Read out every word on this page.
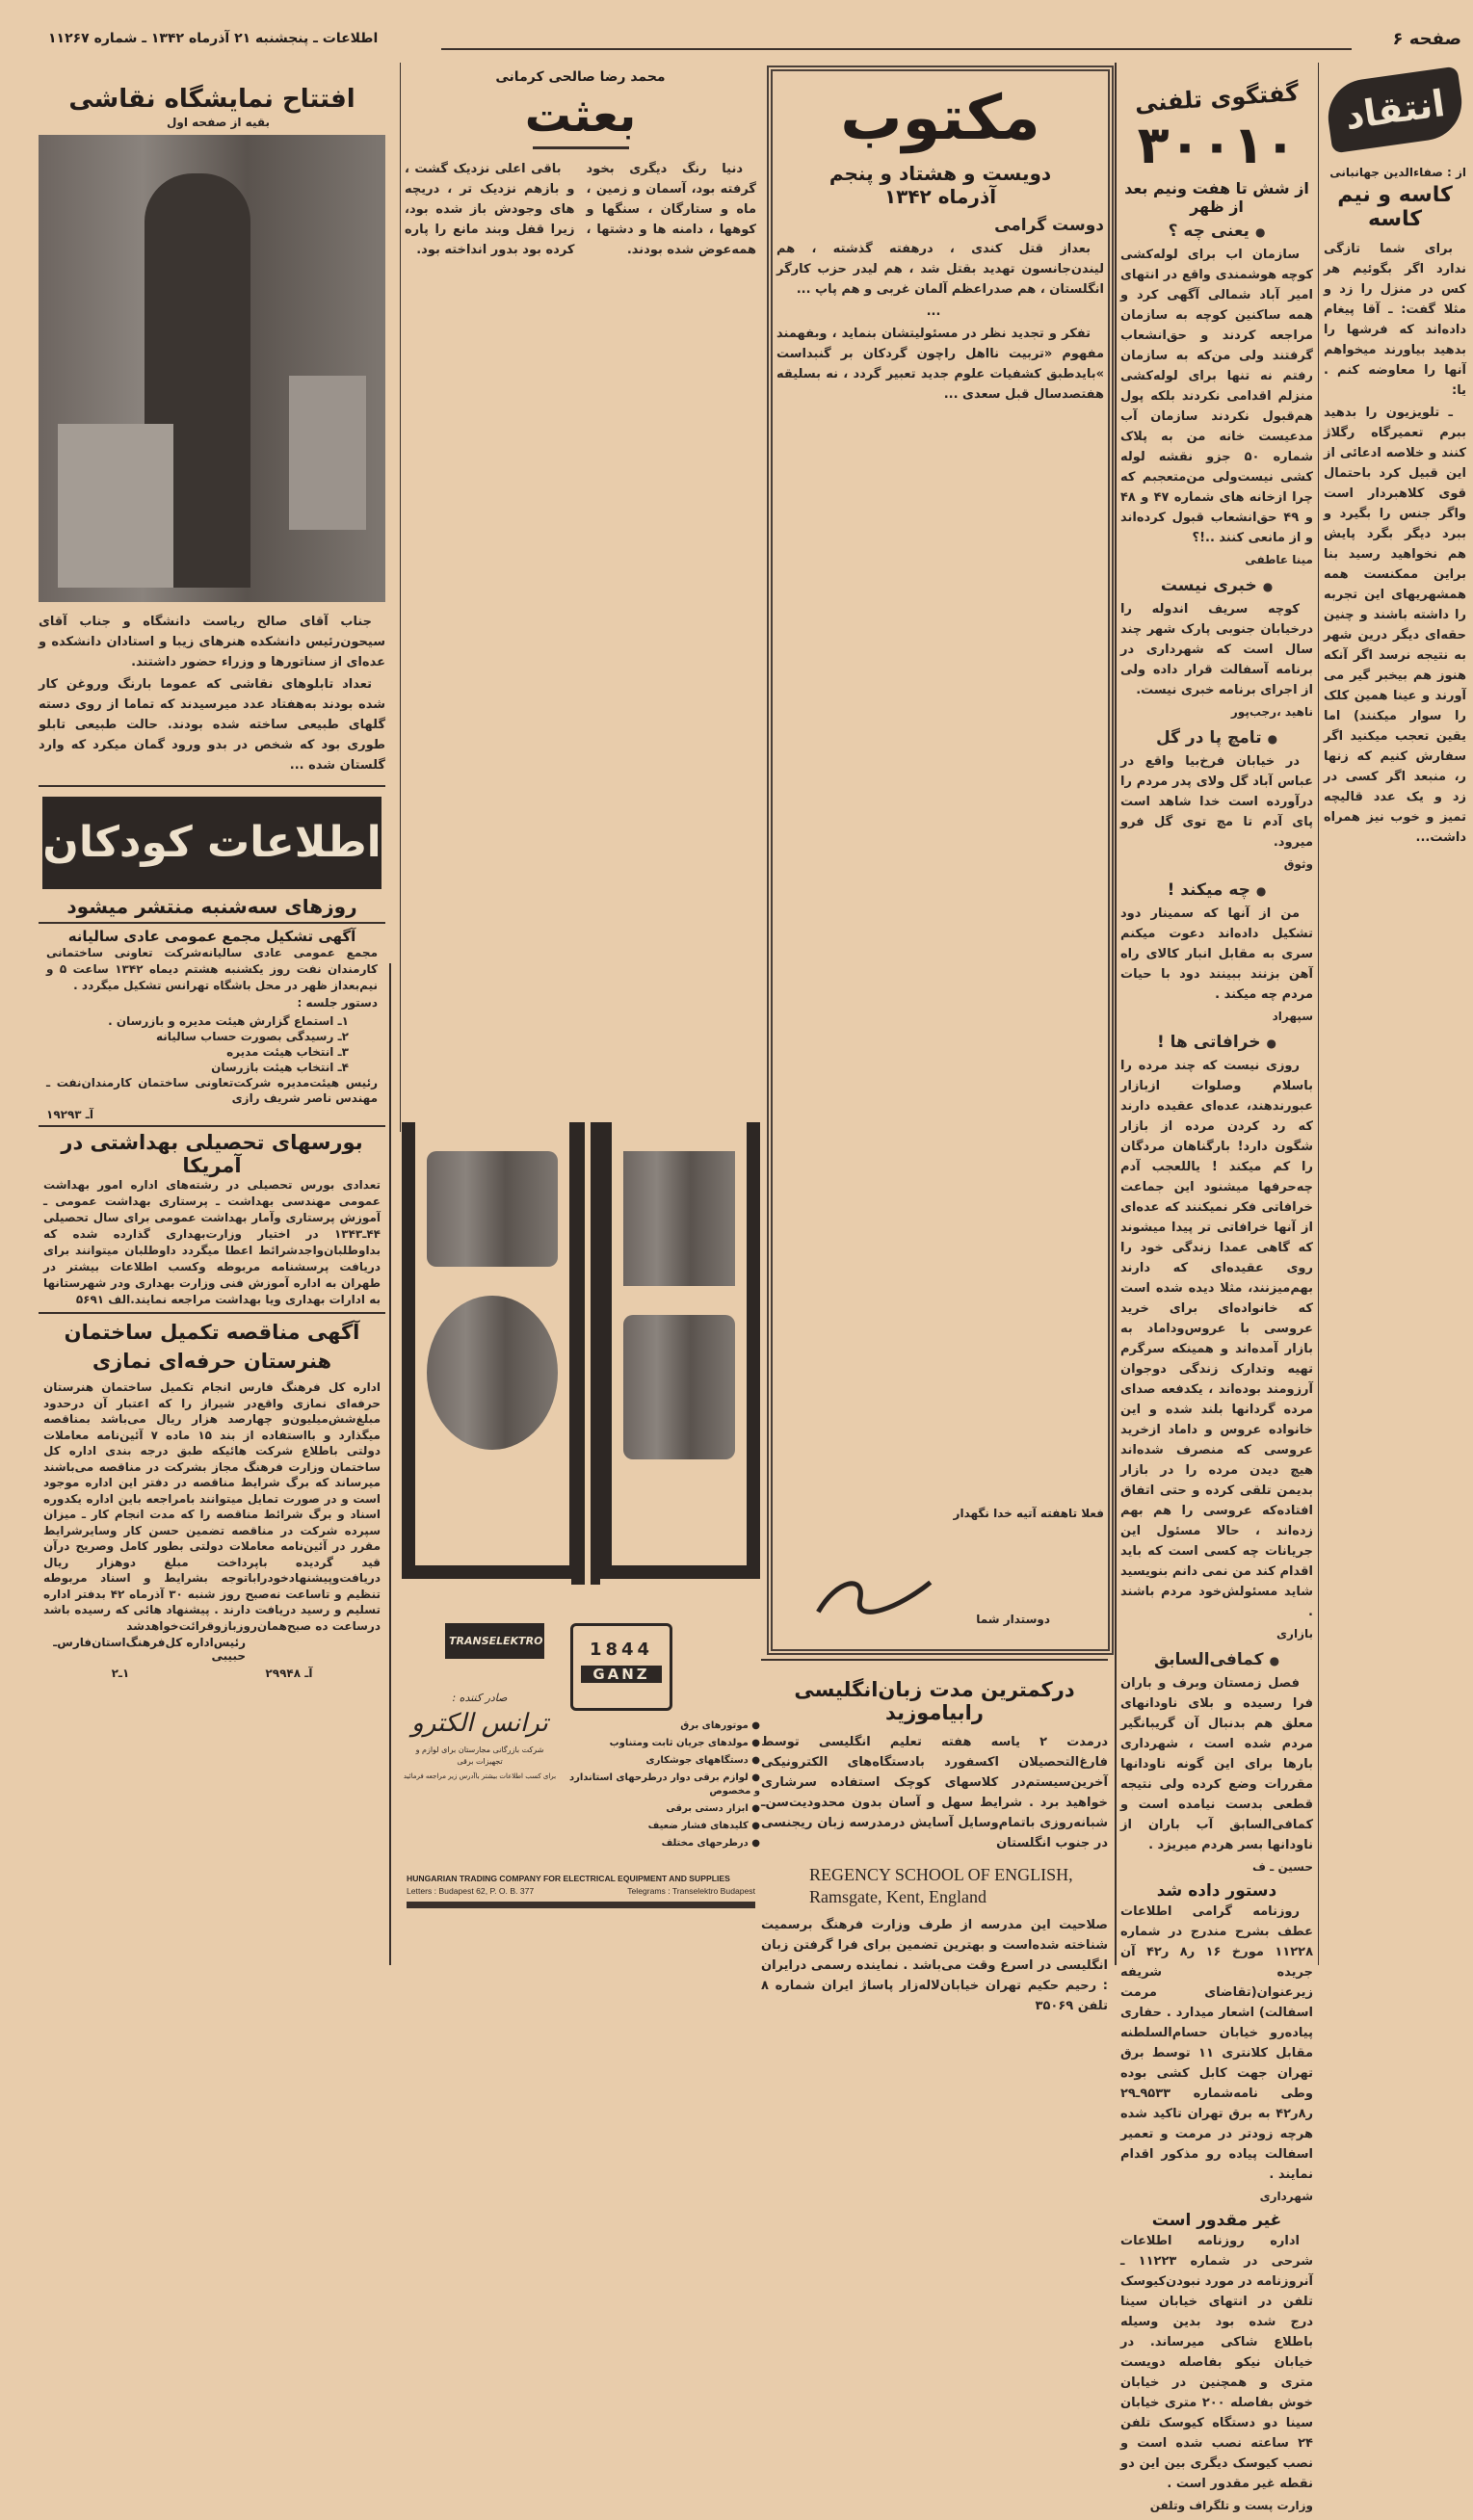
صفحه ۶
اطلاعات ـ پنجشنبه ۲۱ آذرماه ۱۳۴۲ ـ شماره ۱۱۲۶۷
انتقاد
از : صفاءالدین جهانبانی
کاسه و نیم کاسه

برای شما تازگی ندارد اگر بگوئیم هر کس در منزل را زد و مثلا گفت: ـ آقا پیغام داده‌اند که فرشها را بدهید بیاورند میخواهم آنها را معاوضه کنم . یا:

ـ تلویزیون را بدهید ببرم تعمیرگاه رگلاژ کنند و خلاصه ادعائی از این قبیل کرد باحتمال قوی کلاهبردار است واگر جنس را بگیرد و ببرد دیگر بگرد پایش هم نخواهید رسید بنا براین ممکنست همه همشهریهای این تجربه را داشته باشند و چنین حقه‌ای دیگر درین شهر به نتیجه نرسد اگر آنکه هنوز هم بیخبر گیر می آورند و عینا همین کلک را سوار میکنند) اما یقین تعجب میکنید اگر سفارش کنیم که زنها ر، منبعد اگر کسی در زد و یک عدد قالیچه تمیز و خوب نیز همراه داشت...

گفتگوی تلفنی
۳۰۰۱۰
از شش تا هفت ونیم بعد از ظهر
● یعنی چه ؟

سازمان اب برای لوله‌کشی کوچه هوشمندی واقع در انتهای امیر آباد شمالی آگهی کرد و همه ساکنین کوچه به سازمان مراجعه کردند و حق‌انشعاب گرفتند ولی من‌که به سازمان رفتم نه تنها برای لوله‌کشی منزلم اقدامی نکردند بلکه پول هم‌قبول نکردند سازمان آب مدعیست خانه من به پلاک شماره ۵۰ جزو نقشه لوله کشی نیست‌ولی من‌متعجبم که چرا ازخانه های شماره ۴۷ و ۴۸ و ۴۹ حق‌انشعاب قبول کرده‌اند و از مانعی کنند ..!؟

مینا عاطفی
● خبری نیست

کوچه سریف اندوله را درخیابان جنوبی پارک شهر چند سال است که شهرداری در برنامه آسفالت قرار داده ولی از اجرای برنامه خبری نیست.

ناهید ،رجب‌پور
● تامچ پا در گل

در خیابان فرخ‌بیا واقع در عباس آباد گل ولای پدر مردم را درآورده است خدا شاهد است پای آدم تا مچ توی گل فرو میرود.

وثوق
● چه میکند !

من از آنها که سمینار دود تشکیل داده‌اند دعوت میکنم سری به مقابل انبار کالای راه آهن بزنند ببینند دود با حیات مردم چه میکند .

سپهراد
● خرافاتی ها !

روزی نیست که چند مرده را باسلام وصلوات ازبازار عبورندهند، عده‌ای عقیده دارند که رد کردن مرده از بازار شگون دارد! بارگناهان مردگان را کم میکند ! یاللعجب آدم چه‌حرفها میشنود این جماعت خرافاتی فکر نمیکنند که عده‌ای از آنها خرافاتی تر پیدا میشوند که گاهی عمدا زندگی خود را روی عقیده‌ای که دارند بهم‌میزنند، مثلا دیده شده است که خانواده‌ای برای خرید عروسی با عروس‌وداماد به بازار آمده‌اند و همینکه سرگرم تهیه وتدارک زندگی دوجوان آرزومند بوده‌اند ، یکدفعه صدای مرده گردانها بلند شده و این خانواده عروس و داماد ازخرید عروسی که منصرف شده‌اند هیچ دیدن مرده را در بازار بدیمن تلقی کرده و حتی اتفاق افتاده‌که عروسی را هم بهم زده‌اند ، حالا مسئول این جریانات چه کسی است که باید اقدام کند من نمی دانم بنویسید شاید مسئولش‌خود مردم باشند .

بازاری
● کمافی‌السابق

فصل زمستان وبرف و باران فرا رسیده و بلای ناودانهای معلق هم بدنبال آن گریبانگیر مردم شده است ، شهرداری بارها برای این گونه ناودانها مقررات وضع کرده ولی نتیجه قطعی بدست نیامده است و کمافی‌السابق آب باران از ناودانها بسر هردم میریزد .

حسین ـ ف
دستور داده شد

روزنامه گرامی اطلاعات عطف بشرح مندرج در شماره ۱۱۲۲۸ مورخ ۱۶ ر۸ ر۴۲ آن جریده شریفه زیرعنوان(تقاضای مرمت اسفالت) اشعار میدارد . حفاری پیاده‌رو خیابان حسام‌السلطنه مقابل کلانتری ۱۱ توسط برق تهران جهت کابل کشی بوده وطی نامه‌شماره ۹۵۳۳ـ۲۹ ر۸ر۴۲ به برق تهران تاکید شده هرچه زودتر در مرمت و تعمیر اسفالت پیاده رو مذکور اقدام نمایند .

شهرداری
غیر مقدور است

اداره روزنامه اطلاعات شرحی در شماره ۱۱۲۲۳ ـ آنروزنامه در مورد نبودن‌کیوسک تلفن در انتهای خیابان سینا درج شده بود بدین وسیله باطلاع شاکی میرساند. در خیابان نیکو بفاصله دویست متری و همچنین در خیابان خوش بفاصله ۲۰۰ متری خیابان سینا دو دستگاه کیوسک تلفن ۲۴ ساعته نصب شده است و نصب کیوسک دیگری بین این دو نقطه غیر مقدور است .

وزارت پست و تلگراف وتلفن
مکتوب
دویست و هشتاد و پنجم
آذرماه ۱۳۴۲
دوست گرامی

بعداز قتل کندی ، درهفته گذشته ، هم لیندن‌جانسون تهدید بقتل شد ، هم لیدر حزب کارگر انگلستان ، هم صدراعظم آلمان غربی و هم پاپ ...

...

تفکر و تجدید نظر در مسئولیتشان بنماید ، وبفهمند مفهوم «تربیت نااهل راچون گردکان بر گنبداست »بایدطبق کشفیات علوم جدید تعبیر گردد ، نه بسلیقه هفتصدسال قبل سعدی ...

فعلا تاهفته آتیه خدا نگهدار
دوستدار شما
درکمترین مدت زبان‌انگلیسی رابیاموزید
درمدت ۲ یاسه هفته تعلیم انگلیسی توسط فارغ‌التحصیلان اکسفورد بادستگاه‌های الکترونیکی آخرین‌سیستم‌در کلاسهای کوچک استفاده سرشاری خواهید برد . شرایط سهل و آسان بدون محدودیت‌سن‌ـ شبانه‌روزی باتمام‌وسایل آسایش درمدرسه زبان ریجنسی در جنوب انگلستان
REGENCY SCHOOL OF ENGLISH,
Ramsgate, Kent, England
صلاحیت این مدرسه از طرف وزارت فرهنگ برسمیت شناخته شده‌است و بهترین تضمین برای فرا گرفتن زبان انگلیسی در اسرع وقت می‌باشد . نماینده رسمی درایران : رحیم حکیم تهران خیابان‌لاله‌زار پاساژ ایران شماره ۸ تلفن ۳۵۰۶۹
محمد رضا صالحی کرمانی
بعثت

دنیا رنگ دیگری بخود گرفته بود، آسمان و زمین ، ماه و ستارگان ، سنگها و کوهها ، دامنه ها و دشتها ، همه‌عوض شده بودند.

باقی اعلی نزدیک گشت ، و بازهم نزدیک تر ، دریچه های وجودش باز شده بود، زیرا قفل وبند مانع را پاره کرده بود بدور انداخته بود.

TRANSELEKTRO	1844
GANZ
صادر کننده :
ترانس الکترو
شرکت بازرگانی مجارستان برای لوازم و تجهیزات برقی
برای کسب اطلاعات بیشتر باآدرس زیر مراجعه فرمائید
● موتورهای برق
● مولدهای جریان ثابت ومتناوب
● دستگاههای جوشکاری
● لوازم برقی دوار درطرحهای استاندارد و مخصوص
● ابزار دستی برقی
● کلیدهای فشار ضعیف
● درطرحهای مختلف
HUNGARIAN TRADING COMPANY FOR ELECTRICAL EQUIPMENT AND SUPPLIES
Letters : Budapest 62, P. O. B. 377	Telegrams : Transelektro Budapest
افتتاح نمایشگاه نقاشی
بقیه از صفحه اول

جناب آقای صالح ریاست دانشگاه و جناب آقای سیحون‌رئیس دانشکده هنرهای زیبا و استادان دانشکده و عده‌ای از سناتورها و وزراء حضور داشتند.

تعداد تابلوهای نقاشی که عموما بارنگ وروغن کار شده بودند به‌هفتاد عدد میرسیدند که تماما از روی دسته گلهای طبیعی ساخته شده بودند. حالت طبیعی تابلو طوری بود که شخص در بدو ورود گمان میکرد که وارد گلستان شده ...

اطلاعات کودکان
روزهای سه‌شنبه منتشر میشود
آگهی تشکیل مجمع عمومی عادی سالیانه
مجمع عمومی عادی سالیانه‌شرکت تعاونی ساختمانی کارمندان نفت روز یکشنبه هشتم دیماه ۱۳۴۲ ساعت ۵ و نیم‌بعداز ظهر در محل باشگاه تهرانس تشکیل میگردد .
دستور جلسه :
۱ـ استماع گزارش هیئت مدیره و بازرسان .
۲ـ رسیدگی بصورت حساب سالیانه
۳ـ انتخاب هیئت مدیره
۴ـ انتخاب هیئت بازرسان
رئیس هیئت‌مدیره شرکت‌تعاونی ساختمان کارمندان‌نفت ـ مهندس ناصر شریف رازی
آـ ۱۹۲۹۳
بورسهای تحصیلی بهداشتی در آمریکا
تعدادی بورس تحصیلی در رشته‌های اداره امور بهداشت عمومی مهندسی بهداشت ـ پرستاری بهداشت عمومی ـ آموزش پرستاری وآمار بهداشت عمومی برای سال تحصیلی ۴۴ـ۱۳۴۳ در اختیار وزارت‌بهداری گذارده شده که بداوطلبان‌واجدشرائط اعطا میگردد داوطلبان میتوانند برای دریافت پرسشنامه مربوطه وکسب اطلاعات بیشتر در طهران به اداره آموزش فنی وزارت بهداری ودر شهرستانها به ادارات بهداری ویا بهداشت مراجعه نمایند.الف ۵۶۹۱
آگهی مناقصه تکمیل ساختمان هنرستان حرفه‌ای نمازی
اداره کل فرهنگ فارس انجام تکمیل ساختمان هنرستان حرفه‌ای نمازی واقع‌در شیراز را که اعتبار آن درحدود مبلغ‌شش‌میلیون‌و چهارصد هزار ریال می‌باشد بمناقصه میگذارد و بااستفاده از بند ۱۵ ماده ۷ آئین‌نامه معاملات دولتی باطلاع شرکت هائیکه طبق درجه بندی اداره کل ساختمان وزارت فرهنگ مجاز بشرکت در مناقصه می‌باشند میرساند که برگ شرایط مناقصه در دفتر این اداره موجود است و در صورت تمایل میتوانند بامراجعه باین اداره یکدوره اسناد و برگ شرائط مناقصه را که مدت انجام کار ـ میزان سپرده شرکت در مناقصه تضمین حسن کار وسایرشرایط مقرر در آئین‌نامه معاملات دولتی بطور کامل وصریح درآن قید گردیده باپرداخت مبلغ دوهزار ریال دریافت‌وپیشنهادخودراباتوجه بشرایط و اسناد مربوطه تنظیم و تاساعت نه‌صبح روز شنبه ۳۰ آذرماه ۴۲ بدفتر اداره تسلیم و رسید دریافت دارند . پیشنهاد هائی که رسیده باشد درساعت ده صبح‌همان‌روزبازوقرائت‌خواهدشد
رئیس‌اداره کل‌فرهنگ‌استان‌فارس‌ـ حبیبی
آـ ۲۹۹۴۸
۱ـ۲
